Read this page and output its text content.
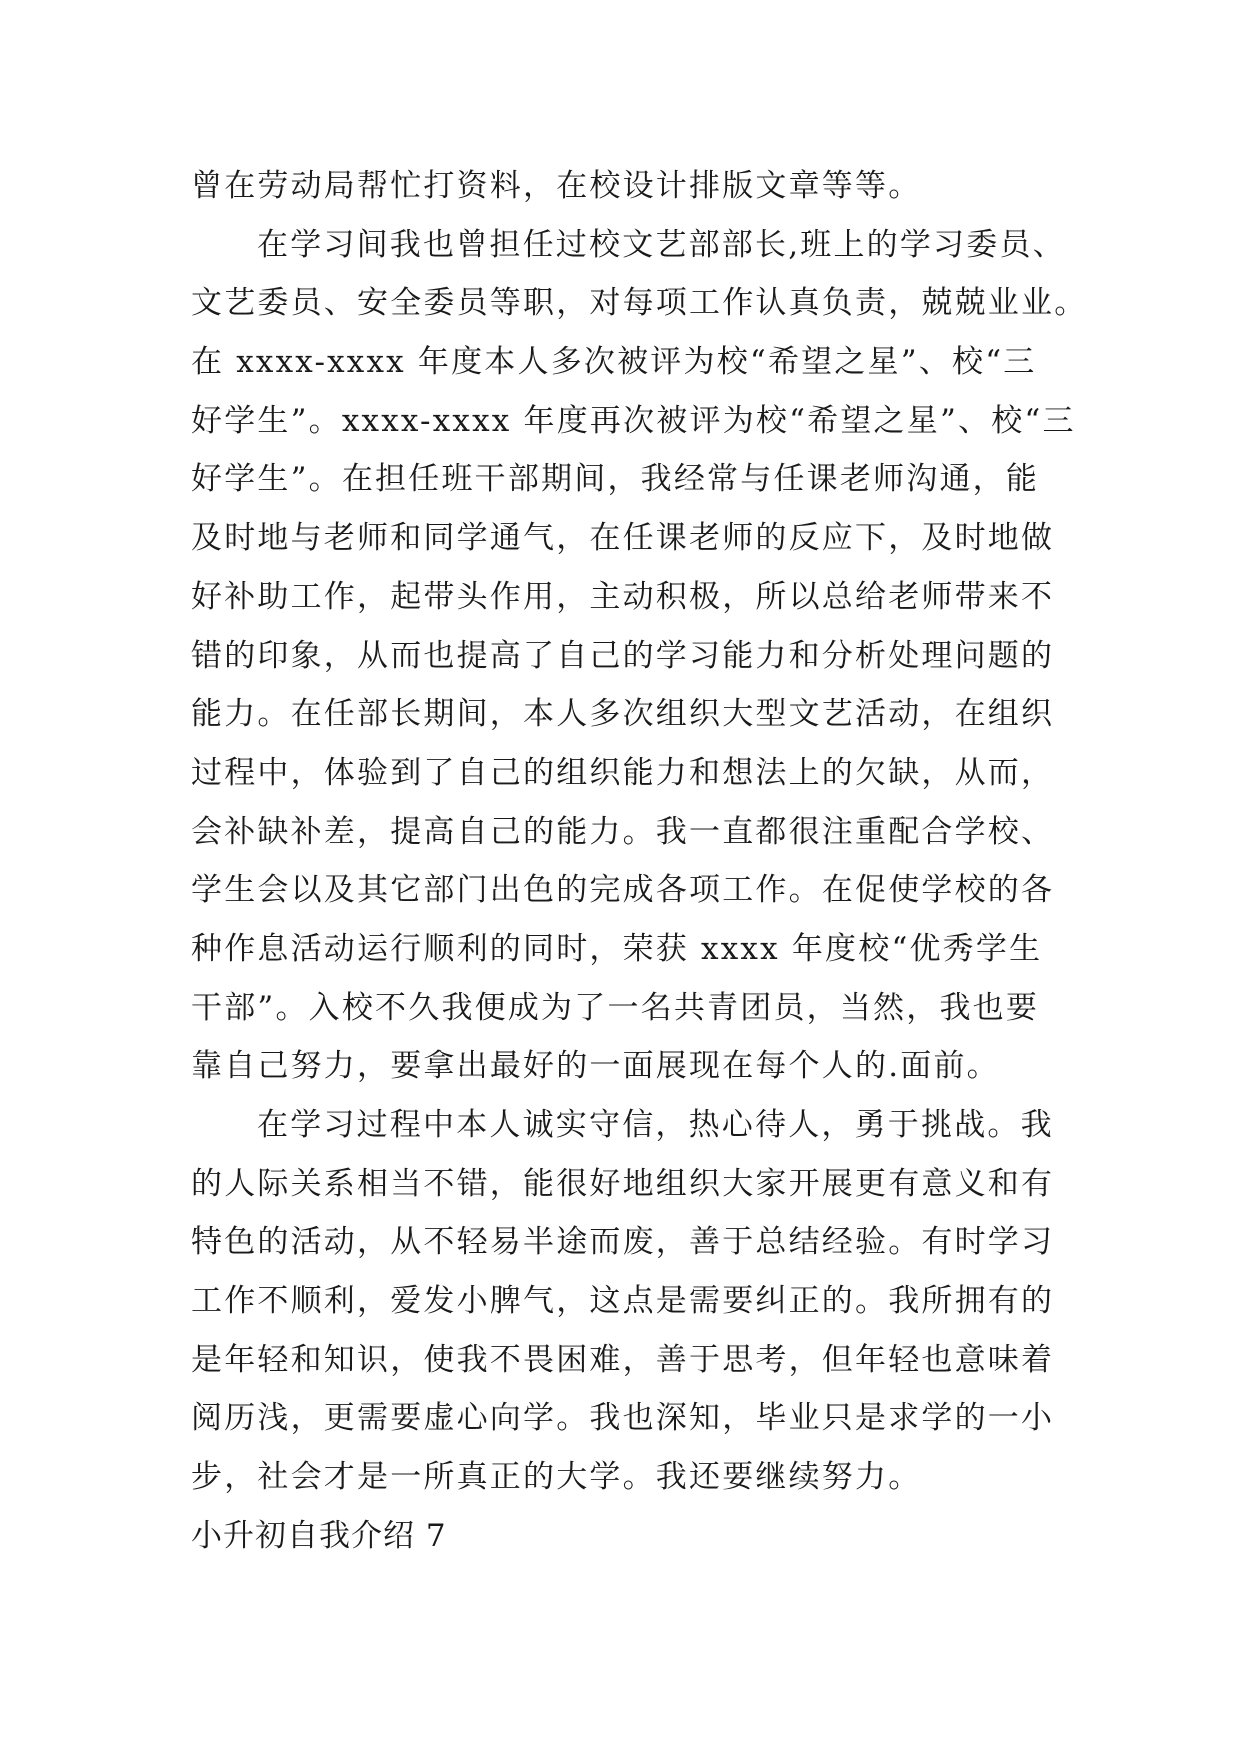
曾在劳动局帮忙打资料，在校设计排版文章等等。
在学习间我也曾担任过校文艺部部长,班上的学习委员、
文艺委员、安全委员等职，对每项工作认真负责，兢兢业业。
在 xxxx-xxxx 年度本人多次被评为校“希望之星”、校“三
好学生”。xxxx-xxxx 年度再次被评为校“希望之星”、校“三
好学生”。在担任班干部期间，我经常与任课老师沟通，能
及时地与老师和同学通气，在任课老师的反应下，及时地做
好补助工作，起带头作用，主动积极，所以总给老师带来不
错的印象，从而也提高了自己的学习能力和分析处理问题的
能力。在任部长期间，本人多次组织大型文艺活动，在组织
过程中，体验到了自己的组织能力和想法上的欠缺，从而，
会补缺补差，提高自己的能力。我一直都很注重配合学校、
学生会以及其它部门出色的完成各项工作。在促使学校的各
种作息活动运行顺利的同时，荣获 xxxx 年度校“优秀学生
干部”。入校不久我便成为了一名共青团员，当然，我也要
靠自己努力，要拿出最好的一面展现在每个人的.面前。
在学习过程中本人诚实守信，热心待人，勇于挑战。我
的人际关系相当不错，能很好地组织大家开展更有意义和有
特色的活动，从不轻易半途而废，善于总结经验。有时学习
工作不顺利，爱发小脾气，这点是需要纠正的。我所拥有的
是年轻和知识，使我不畏困难，善于思考，但年轻也意味着
阅历浅，更需要虚心向学。我也深知，毕业只是求学的一小
步，社会才是一所真正的大学。我还要继续努力。
小升初自我介绍 7
